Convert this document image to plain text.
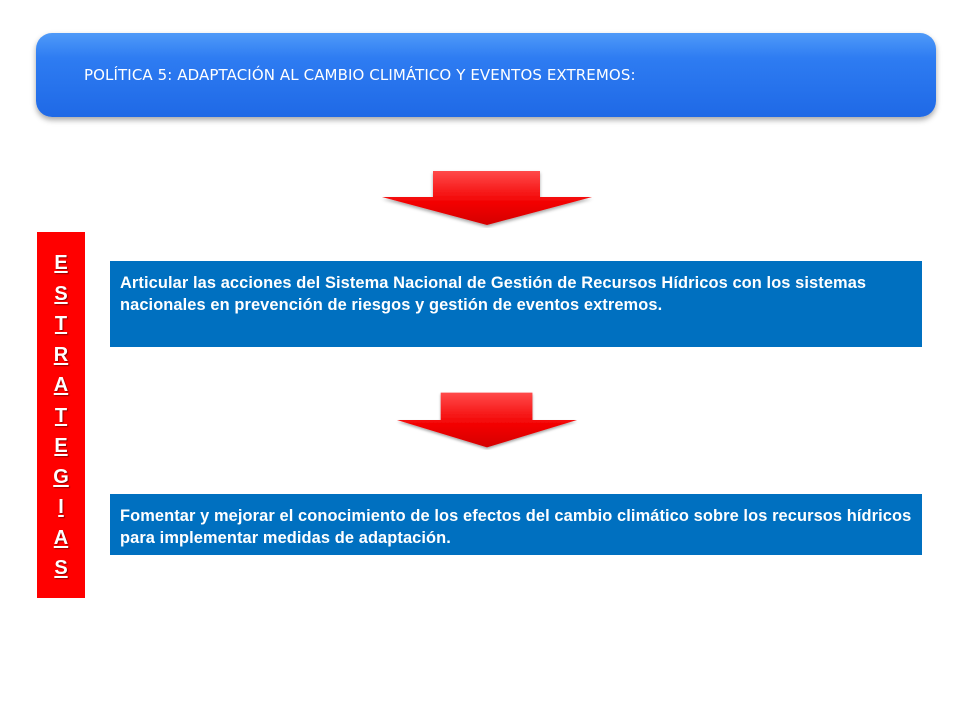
POLÍTICA 5: ADAPTACIÓN AL CAMBIO CLIMÁTICO Y EVENTOS EXTREMOS:
E
S
T
R
A
T
E
G
I
A
S
Articular las acciones del Sistema Nacional de Gestión de Recursos Hídricos con los sistemas nacionales en prevención de riesgos y gestión de eventos extremos.
Fomentar y mejorar el conocimiento de los efectos del cambio climático sobre los recursos hídricos para implementar medidas de adaptación.
